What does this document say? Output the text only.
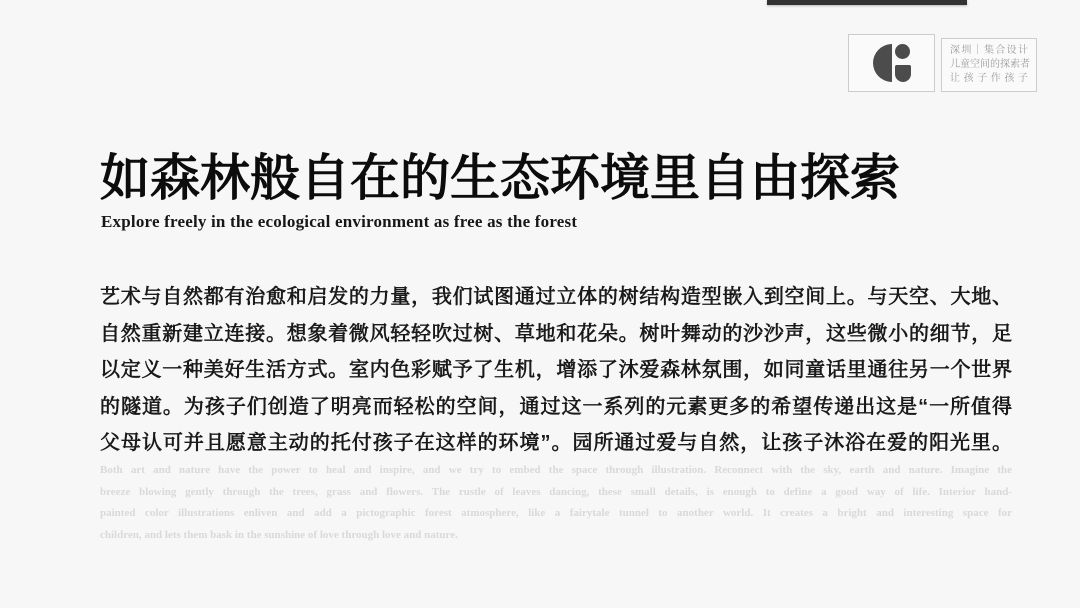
深圳｜集合设计
儿童空间的探索者
让孩子作孩子
如森林般自在的生态环境里自由探索

Explore freely in the ecological environment as free as the forest

艺术与自然都有治愈和启发的力量，我们试图通过立体的树结构造型嵌入到空间上。与天空、大地、
自然重新建立连接。想象着微风轻轻吹过树、草地和花朵。树叶舞动的沙沙声，这些微小的细节，足
以定义一种美好生活方式。室内色彩赋予了生机，增添了沐爱森林氛围，如同童话里通往另一个世界
的隧道。为孩子们创造了明亮而轻松的空间，通过这一系列的元素更多的希望传递出这是“一所值得
父母认可并且愿意主动的托付孩子在这样的环境”。园所通过爱与自然，让孩子沐浴在爱的阳光里。
Both art and nature have the power to heal and inspire, and we try to embed the space through illustration. Reconnect with the sky, earth and nature. Imagine the
breeze blowing gently through the trees, grass and flowers. The rustle of leaves dancing, these small details, is enough to define a good way of life. Interior hand-
painted color illustrations enliven and add a pictographic forest atmosphere, like a fairytale tunnel to another world. It creates a bright and interesting space for
children, and lets them bask in the sunshine of love through love and nature.
